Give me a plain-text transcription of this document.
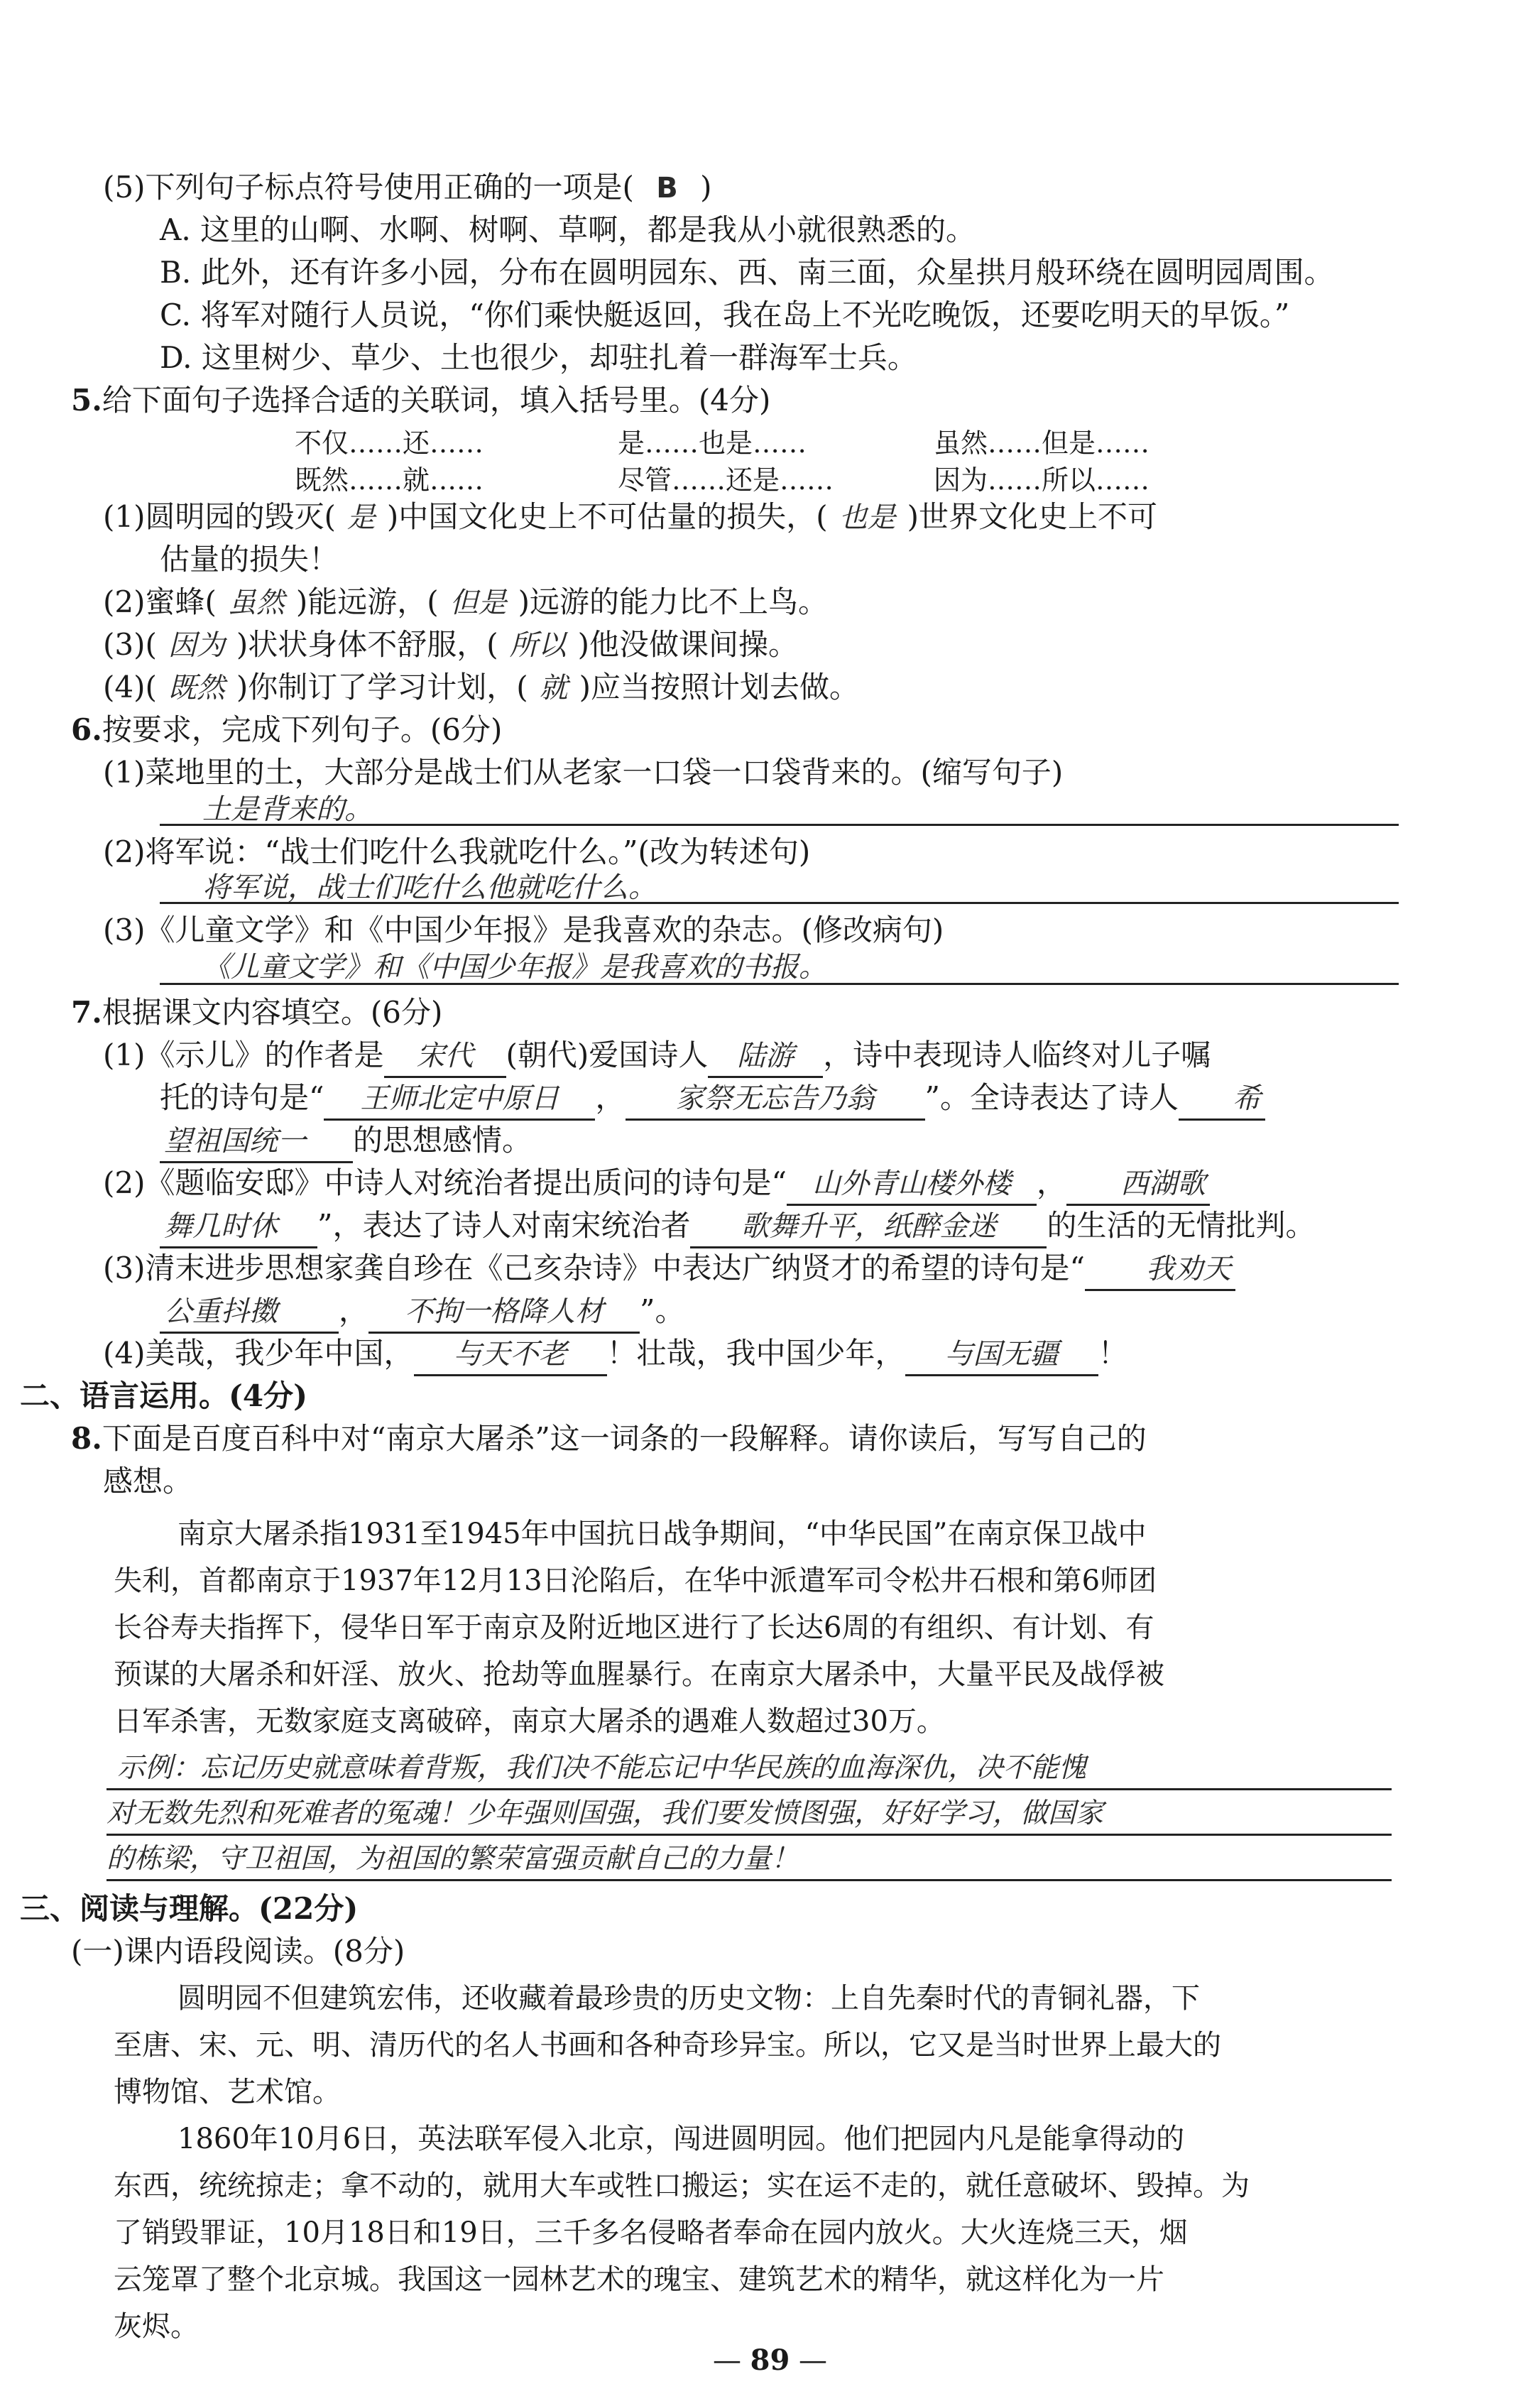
(5)下列句子标点符号使用正确的一项是( B )
A. 这里的山啊、水啊、树啊、草啊，都是我从小就很熟悉的。
B. 此外，还有许多小园，分布在圆明园东、西、南三面，众星拱月般环绕在圆明园周围。
C. 将军对随行人员说，“你们乘快艇返回，我在岛上不光吃晚饭，还要吃明天的早饭。”
D. 这里树少、草少、土也很少，却驻扎着一群海军士兵。
5.给下面句子选择合适的关联词，填入括号里。(4分)
不仅……还……	是……也是……	虽然……但是……
既然……就……	尽管……还是……	因为……所以……
(1)圆明园的毁灭( 是 )中国文化史上不可估量的损失，( 也是 )世界文化史上不可
估量的损失！
(2)蜜蜂( 虽然 )能远游，( 但是 )远游的能力比不上鸟。
(3)( 因为 )状状身体不舒服，( 所以 )他没做课间操。
(4)( 既然 )你制订了学习计划，( 就 )应当按照计划去做。
6.按要求，完成下列句子。(6分)
(1)菜地里的土，大部分是战士们从老家一口袋一口袋背来的。(缩写句子)
土是背来的。
(2)将军说：“战士们吃什么我就吃什么。”(改为转述句)
将军说，战士们吃什么他就吃什么。
(3)《儿童文学》和《中国少年报》是我喜欢的杂志。(修改病句)
《儿童文学》和《中国少年报》是我喜欢的书报。
7.根据课文内容填空。(6分)
(1)《示儿》的作者是 宋代 (朝代)爱国诗人 陆游 ，诗中表现诗人临终对儿子嘱
托的诗句是“ 王师北定中原日 ， 家祭无忘告乃翁 ”。全诗表达了诗人 希
望祖国统一 的思想感情。
(2)《题临安邸》中诗人对统治者提出质问的诗句是“ 山外青山楼外楼 ， 西湖歌
舞几时休 ”，表达了诗人对南宋统治者 歌舞升平，纸醉金迷 的生活的无情批判。
(3)清末进步思想家龚自珍在《己亥杂诗》中表达广纳贤才的希望的诗句是“ 我劝天
公重抖擞 ， 不拘一格降人材 ”。
(4)美哉，我少年中国， 与天不老 ！壮哉，我中国少年， 与国无疆 ！
二、语言运用。(4分)
8.下面是百度百科中对“南京大屠杀”这一词条的一段解释。请你读后，写写自己的
感想。
南京大屠杀指1931至1945年中国抗日战争期间，“中华民国”在南京保卫战中
失利，首都南京于1937年12月13日沦陷后，在华中派遣军司令松井石根和第6师团
长谷寿夫指挥下，侵华日军于南京及附近地区进行了长达6周的有组织、有计划、有
预谋的大屠杀和奸淫、放火、抢劫等血腥暴行。在南京大屠杀中，大量平民及战俘被
日军杀害，无数家庭支离破碎，南京大屠杀的遇难人数超过30万。
示例：忘记历史就意味着背叛，我们决不能忘记中华民族的血海深仇，决不能愧
对无数先烈和死难者的冤魂！少年强则国强，我们要发愤图强，好好学习，做国家
的栋梁，守卫祖国，为祖国的繁荣富强贡献自己的力量！
三、阅读与理解。(22分)
(一)课内语段阅读。(8分)
圆明园不但建筑宏伟，还收藏着最珍贵的历史文物：上自先秦时代的青铜礼器，下
至唐、宋、元、明、清历代的名人书画和各种奇珍异宝。所以，它又是当时世界上最大的
博物馆、艺术馆。
1860年10月6日，英法联军侵入北京，闯进圆明园。他们把园内凡是能拿得动的
东西，统统掠走；拿不动的，就用大车或牲口搬运；实在运不走的，就任意破坏、毁掉。为
了销毁罪证，10月18日和19日，三千多名侵略者奉命在园内放火。大火连烧三天，烟
云笼罩了整个北京城。我国这一园林艺术的瑰宝、建筑艺术的精华，就这样化为一片
灰烬。
— 89 —
